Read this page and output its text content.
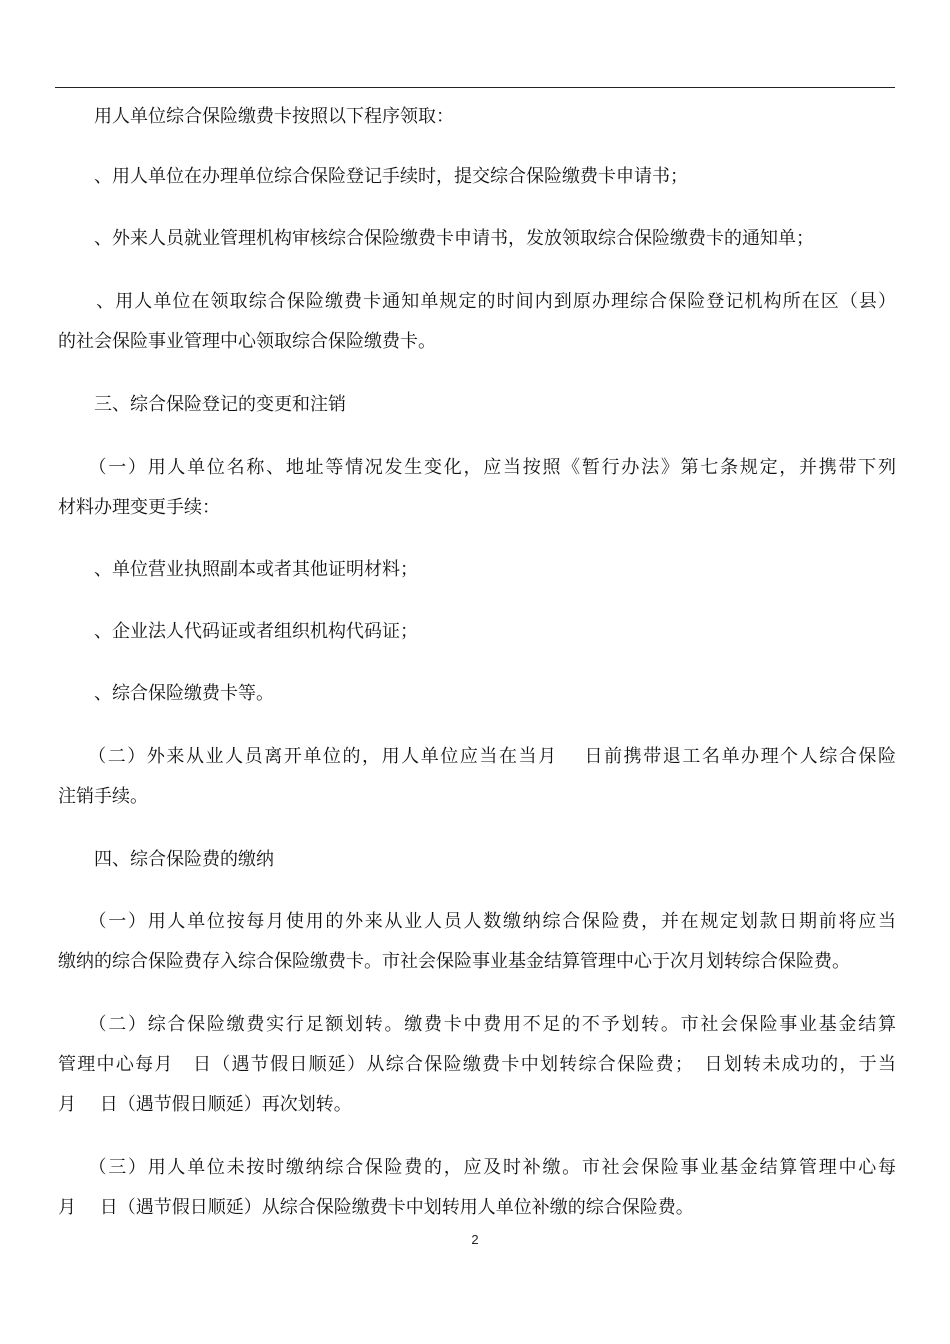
　　用人单位综合保险缴费卡按照以下程序领取：

　　、用人单位在办理单位综合保险登记手续时，提交综合保险缴费卡申请书；

　　、外来人员就业管理机构审核综合保险缴费卡申请书，发放领取综合保险缴费卡的通知单；

　　、用人单位在领取综合保险缴费卡通知单规定的时间内到原办理综合保险登记机构所在区（县）

的社会保险事业管理中心领取综合保险缴费卡。

　　三、综合保险登记的变更和注销

　　（一）用人单位名称、地址等情况发生变化，应当按照《暂行办法》第七条规定，并携带下列

材料办理变更手续：

　　、单位营业执照副本或者其他证明材料；

　　、企业法人代码证或者组织机构代码证；

　　、综合保险缴费卡等。

　　（二）外来从业人员离开单位的，用人单位应当在当月　 日前携带退工名单办理个人综合保险

注销手续。

　　四、综合保险费的缴纳

　　（一）用人单位按每月使用的外来从业人员人数缴纳综合保险费，并在规定划款日期前将应当

缴纳的综合保险费存入综合保险缴费卡。市社会保险事业基金结算管理中心于次月划转综合保险费。

　　（二）综合保险缴费实行足额划转。缴费卡中费用不足的不予划转。市社会保险事业基金结算

管理中心每月　日（遇节假日顺延）从综合保险缴费卡中划转综合保险费；　日划转未成功的，于当

月　 日（遇节假日顺延）再次划转。

　　（三）用人单位未按时缴纳综合保险费的，应及时补缴。市社会保险事业基金结算管理中心每

月　 日（遇节假日顺延）从综合保险缴费卡中划转用人单位补缴的综合保险费。

2
